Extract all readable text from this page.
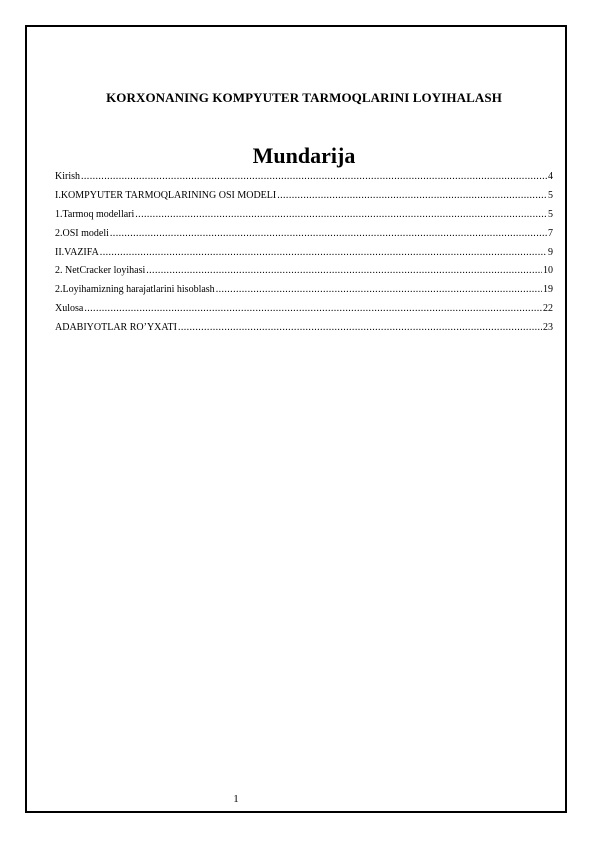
KORXONANING KOMPYUTER TARMOQLARINI LOYIHALASH
Mundarija
Kirish .....	4
I.KOMPYUTER TARMOQLARINING OSI MODELI .....	5
1.Tarmoq modellari .....	5
2.OSI modeli .....	7
II.VAZIFA .....	9
2. NetCracker loyihasi .....	10
2.Loyihamizning harajatlarini hisoblash .....	19
Xulosa .....	22
ADABIYOTLAR RO’YXATI .....	23
1
